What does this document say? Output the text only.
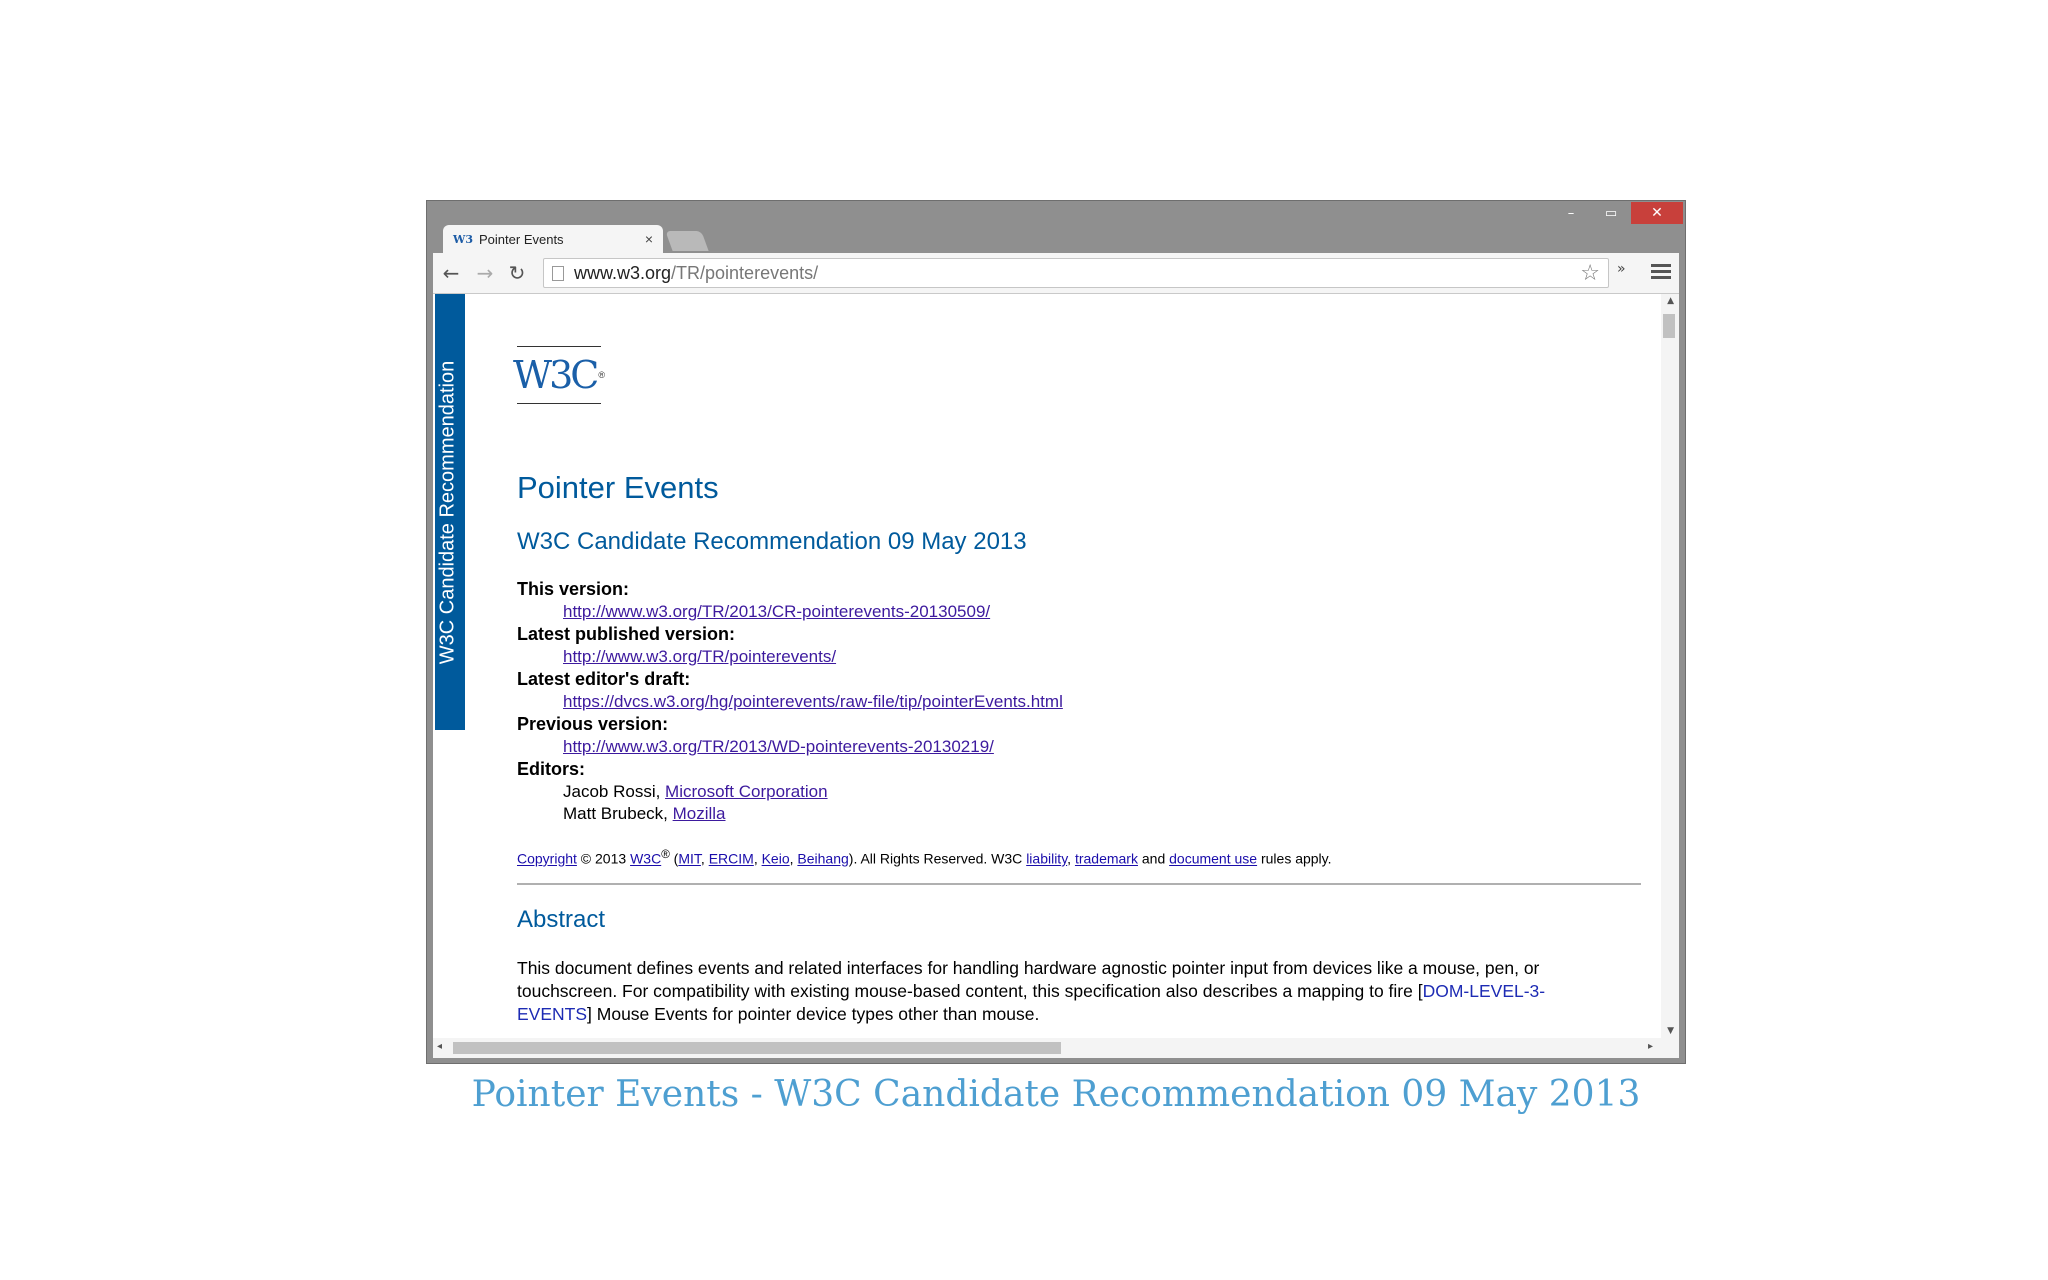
–	▭	✕
W3 Pointer Events	×
← → ↻	www.w3.org/TR/pointerevents/	☆ »
W3C Candidate Recommendation W3C ®
Pointer Events
W3C Candidate Recommendation 09 May 2013
This version:
http://www.w3.org/TR/2013/CR-pointerevents-20130509/
Latest published version:
http://www.w3.org/TR/pointerevents/
Latest editor's draft:
https://dvcs.w3.org/hg/pointerevents/raw-file/tip/pointerEvents.html
Previous version:
http://www.w3.org/TR/2013/WD-pointerevents-20130219/
Editors:
Jacob Rossi, Microsoft Corporation
Matt Brubeck, Mozilla
Copyright © 2013 W3C® (MIT, ERCIM, Keio, Beihang). All Rights Reserved. W3C liability, trademark and document use rules apply.
Abstract

This document defines events and related interfaces for handling hardware agnostic pointer input from devices like a mouse, pen, or touchscreen. For compatibility with existing mouse-based content, this specification also describes a mapping to fire [DOM-LEVEL-3-EVENTS] Mouse Events for pointer device types other than mouse.

▲
▼
◂	▸
Pointer Events - W3C Candidate Recommendation 09 May 2013
